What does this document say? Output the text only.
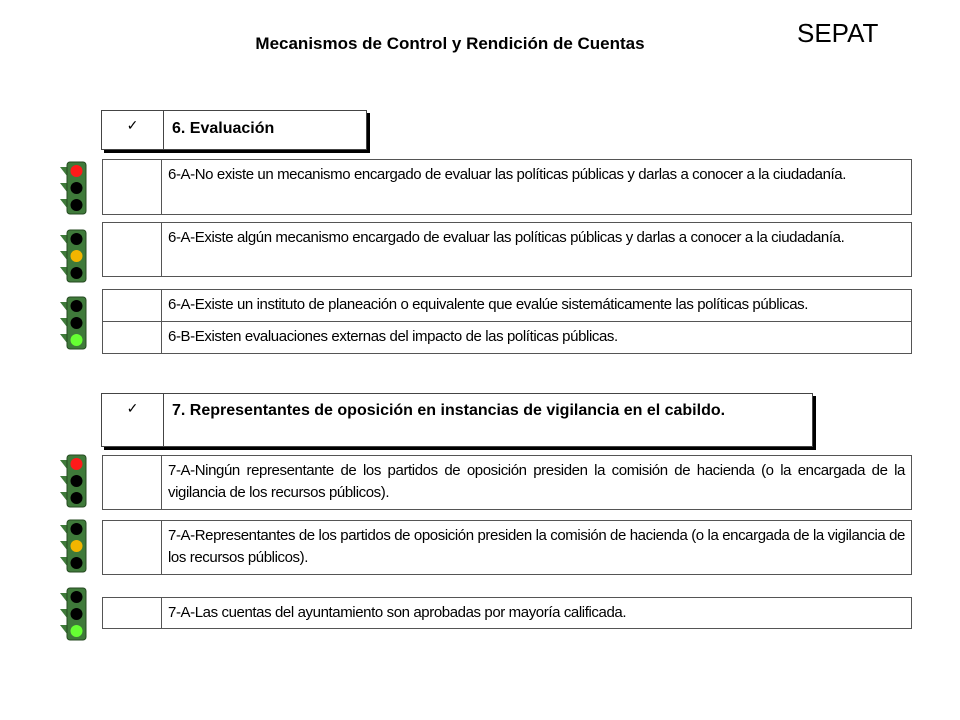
Mecanismos de Control y Rendición de Cuentas	SEPAT
✓	6. Evaluación
6-A-No existe un mecanismo encargado de evaluar las políticas públicas y darlas a conocer a la ciudadanía.
6-A-Existe algún mecanismo encargado de evaluar las políticas públicas y darlas a conocer a la ciudadanía.
6-A-Existe un instituto de planeación o equivalente que evalúe sistemáticamente las políticas públicas.
6-B-Existen evaluaciones externas del impacto de las políticas públicas.
✓	7. Representantes de oposición en instancias de vigilancia en el cabildo.
7-A-Ningún representante de los partidos de oposición presiden la comisión de hacienda (o la encargada de la vigilancia de los recursos públicos).
7-A-Representantes de los partidos de oposición presiden la comisión de hacienda (o la encargada de la vigilancia de los recursos públicos).
7-A-Las cuentas del ayuntamiento son aprobadas por mayoría calificada.
